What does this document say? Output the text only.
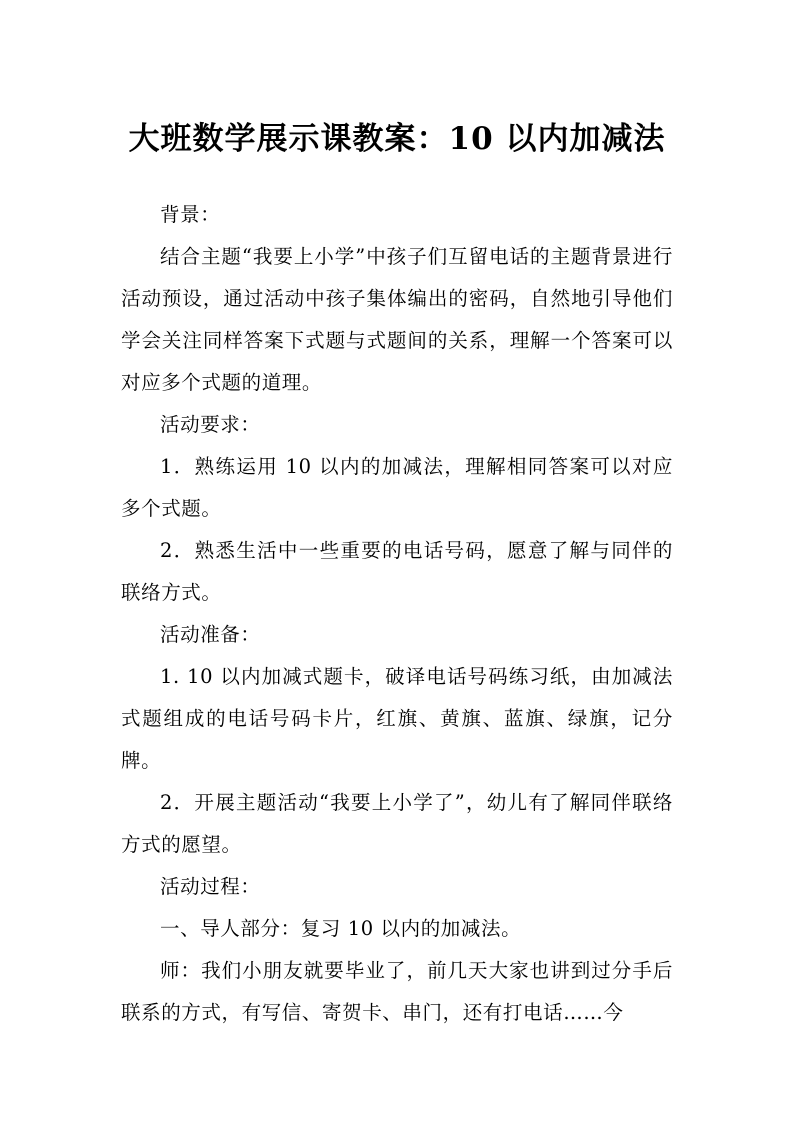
大班数学展示课教案：10 以内加减法

背景：

结合主题“我要上小学”中孩子们互留电话的主题背景进行活动预设，通过活动中孩子集体编出的密码，自然地引导他们学会关注同样答案下式题与式题间的关系，理解一个答案可以对应多个式题的道理。

活动要求：

1．熟练运用 10 以内的加减法，理解相同答案可以对应多个式题。

2．熟悉生活中一些重要的电话号码，愿意了解与同伴的联络方式。

活动准备：

1. 10 以内加减式题卡，破译电话号码练习纸，由加减法式题组成的电话号码卡片，红旗、黄旗、蓝旗、绿旗，记分牌。

2．开展主题活动“我要上小学了”，幼儿有了解同伴联络方式的愿望。

活动过程：

一、导人部分：复习 10 以内的加减法。

师：我们小朋友就要毕业了，前几天大家也讲到过分手后联系的方式，有写信、寄贺卡、串门，还有打电话……今
